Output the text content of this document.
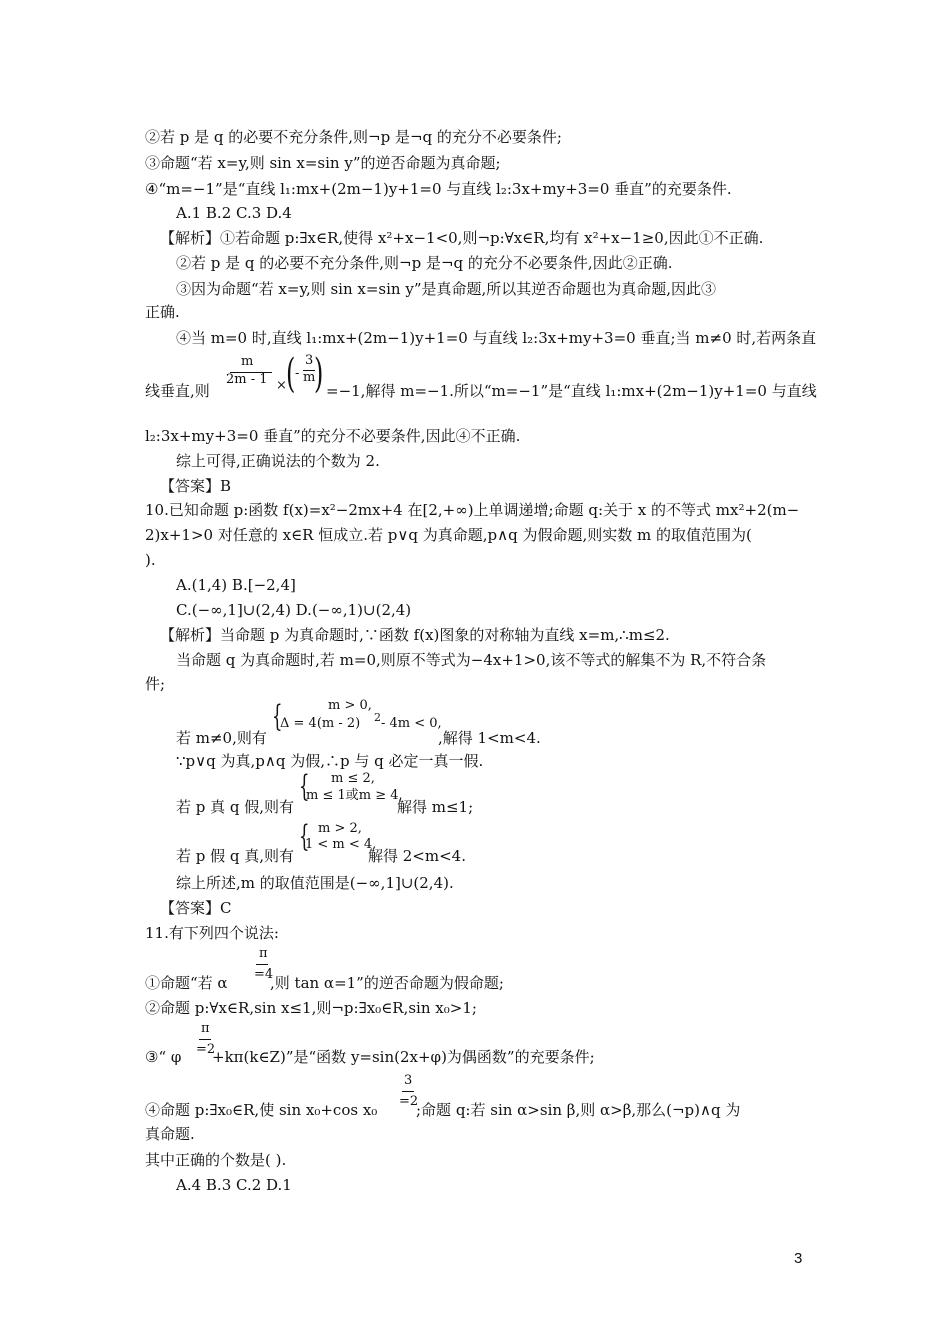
②若 p 是 q 的必要不充分条件,则¬p 是¬q 的充分不必要条件;
③命题“若 x=y,则 sin x=sin y”的逆否命题为真命题;
④“m=−1”是“直线 l₁:mx+(2m−1)y+1=0 与直线 l₂:3x+my+3=0 垂直”的充要条件.
A.1 B.2 C.3 D.4
【解析】①若命题 p:∃x∈R,使得 x²+x−1<0,则¬p:∀x∈R,均有 x²+x−1≥0,因此①不正确.
②若 p 是 q 的必要不充分条件,则¬p 是¬q 的充分不必要条件,因此②正确.
③因为命题“若 x=y,则 sin x=sin y”是真命题,所以其逆否命题也为真命题,因此③
正确.
④当 m=0 时,直线 l₁:mx+(2m−1)y+1=0 与直线 l₂:3x+my+3=0 垂直;当 m≠0 时,若两条直
m
2m - 1 × ( -
3
m
)
线垂直,则	=−1,解得 m=−1.所以“m=−1”是“直线 l₁:mx+(2m−1)y+1=0 与直线
l₂:3x+my+3=0 垂直”的充分不必要条件,因此④不正确.
综上可得,正确说法的个数为 2.
【答案】B
10.已知命题 p:函数 f(x)=x²−2mx+4 在[2,+∞)上单调递增;命题 q:关于 x 的不等式 mx²+2(m−
2)x+1>0 对任意的 x∈R 恒成立.若 p∨q 为真命题,p∧q 为假命题,则实数 m 的取值范围为(
).
A.(1,4) B.[−2,4]
C.(−∞,1]∪(2,4) D.(−∞,1)∪(2,4)
【解析】当命题 p 为真命题时,∵函数 f(x)图象的对称轴为直线 x=m,∴m≤2.
当命题 q 为真命题时,若 m=0,则原不等式为−4x+1>0,该不等式的解集不为 R,不符合条
件;
若 m≠0,则有
{	m > 0,
Δ = 4(m - 2) 2 - 4m < 0,
,解得 1<m<4.
∵p∨q 为真,p∧q 为假,∴p 与 q 必定一真一假.
若 p 真 q 假,则有
{ m ≤ 2,
m ≤ 1或m ≥ 4,
解得 m≤1;
若 p 假 q 真,则有
{ m > 2,
1 < m < 4,
解得 2<m<4.
综上所述,m 的取值范围是(−∞,1]∪(2,4).
【答案】C
11.有下列四个说法:
π
=4
①命题“若 α	,则 tan α=1”的逆否命题为假命题;
②命题 p:∀x∈R,sin x≤1,则¬p:∃x₀∈R,sin x₀>1;
π
=2
③“ φ +kπ(k∈Z)”是“函数 y=sin(2x+φ)为偶函数”的充要条件;
3
=2
④命题 p:∃x₀∈R,使 sin x₀+cos x₀	;命题 q:若 sin α>sin β,则 α>β,那么(¬p)∧q 为
真命题.
其中正确的个数是( ).
A.4 B.3 C.2 D.1
3
